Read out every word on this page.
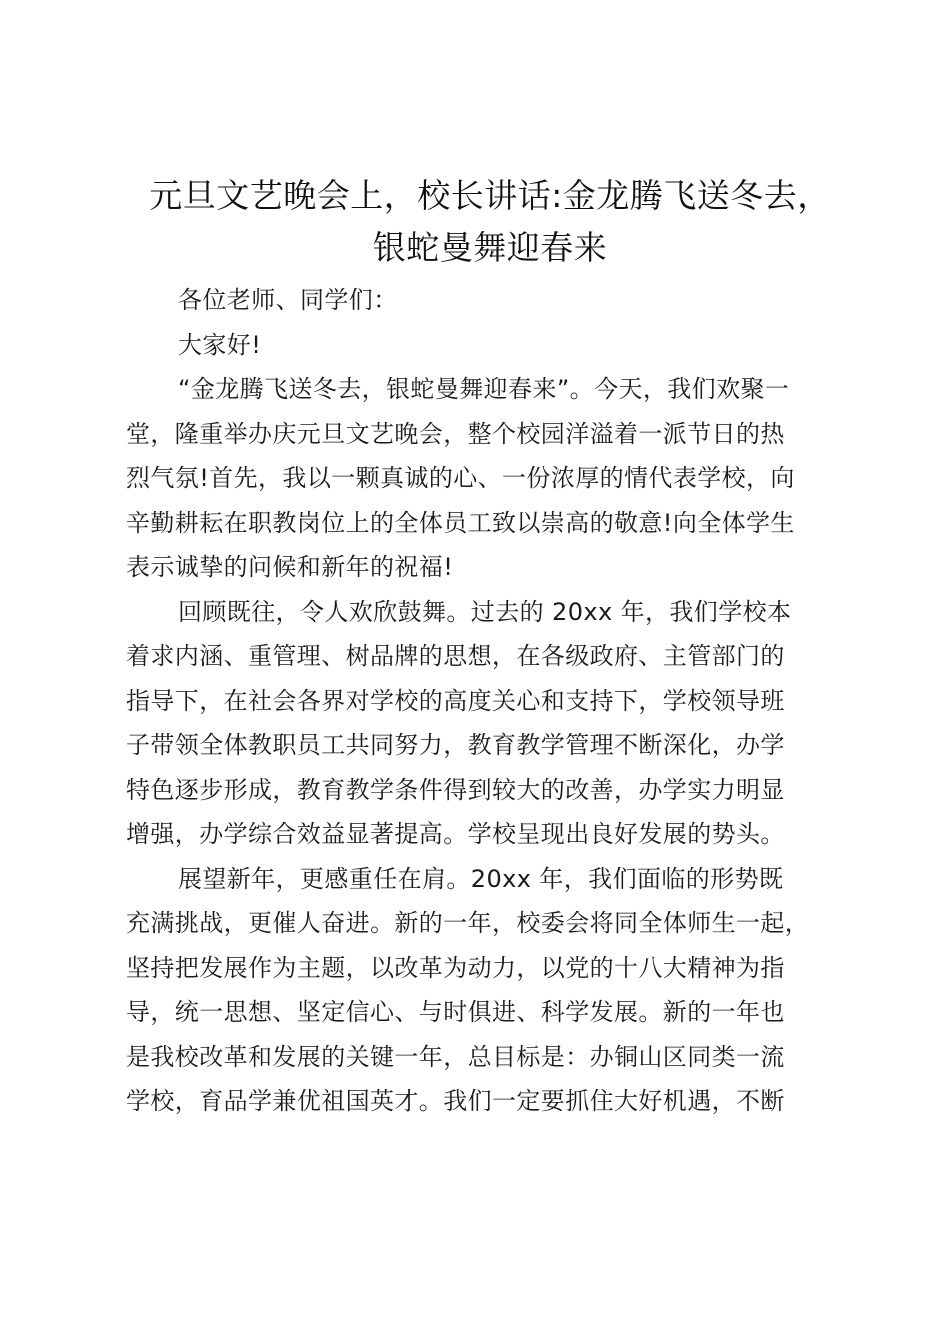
元旦文艺晚会上，校长讲话:金龙腾飞送冬去，
银蛇曼舞迎春来
各位老师、同学们：
大家好!
“金龙腾飞送冬去，银蛇曼舞迎春来”。今天，我们欢聚一
堂，隆重举办庆元旦文艺晚会，整个校园洋溢着一派节日的热
烈气氛!首先，我以一颗真诚的心、一份浓厚的情代表学校，向
辛勤耕耘在职教岗位上的全体员工致以崇高的敬意!向全体学生
表示诚挚的问候和新年的祝福!
回顾既往，令人欢欣鼓舞。过去的 20xx 年，我们学校本
着求内涵、重管理、树品牌的思想，在各级政府、主管部门的
指导下，在社会各界对学校的高度关心和支持下，学校领导班
子带领全体教职员工共同努力，教育教学管理不断深化，办学
特色逐步形成，教育教学条件得到较大的改善，办学实力明显
增强，办学综合效益显著提高。学校呈现出良好发展的势头。
展望新年，更感重任在肩。20xx 年，我们面临的形势既
充满挑战，更催人奋进。新的一年，校委会将同全体师生一起，
坚持把发展作为主题，以改革为动力，以党的十八大精神为指
导，统一思想、坚定信心、与时俱进、科学发展。新的一年也
是我校改革和发展的关键一年，总目标是：办铜山区同类一流
学校，育品学兼优祖国英才。我们一定要抓住大好机遇，不断
